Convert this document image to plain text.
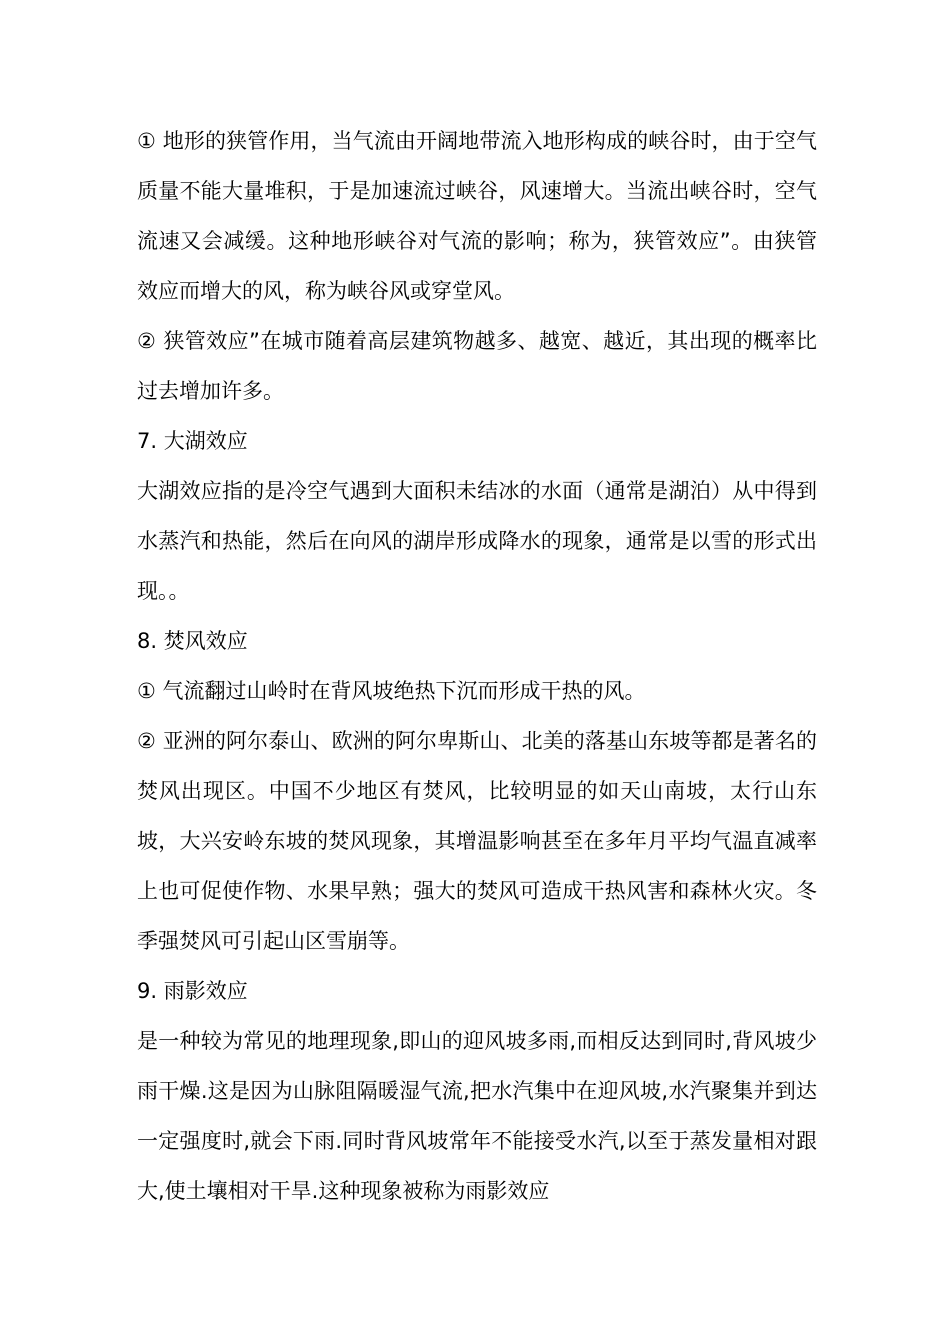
① 地形的狭管作用，当气流由开阔地带流入地形构成的峡谷时，由于空气质量不能大量堆积，于是加速流过峡谷，风速增大。当流出峡谷时，空气流速又会减缓。这种地形峡谷对气流的影响；称为，狭管效应”。由狭管效应而增大的风，称为峡谷风或穿堂风。

② 狭管效应”在城市随着高层建筑物越多、越宽、越近，其出现的概率比过去增加许多。

7. 大湖效应

大湖效应指的是冷空气遇到大面积未结冰的水面（通常是湖泊）从中得到水蒸汽和热能，然后在向风的湖岸形成降水的现象，通常是以雪的形式出现。。

8. 焚风效应

① 气流翻过山岭时在背风坡绝热下沉而形成干热的风。

② 亚洲的阿尔泰山、欧洲的阿尔卑斯山、北美的落基山东坡等都是著名的焚风出现区。中国不少地区有焚风，比较明显的如天山南坡，太行山东坡，大兴安岭东坡的焚风现象，其增温影响甚至在多年月平均气温直减率上也可促使作物、水果早熟；强大的焚风可造成干热风害和森林火灾。冬季强焚风可引起山区雪崩等。

9. 雨影效应

是一种较为常见的地理现象,即山的迎风坡多雨,而相反达到同时,背风坡少雨干燥.这是因为山脉阻隔暖湿气流,把水汽集中在迎风坡,水汽聚集并到达一定强度时,就会下雨.同时背风坡常年不能接受水汽,以至于蒸发量相对跟大,使土壤相对干旱.这种现象被称为雨影效应
